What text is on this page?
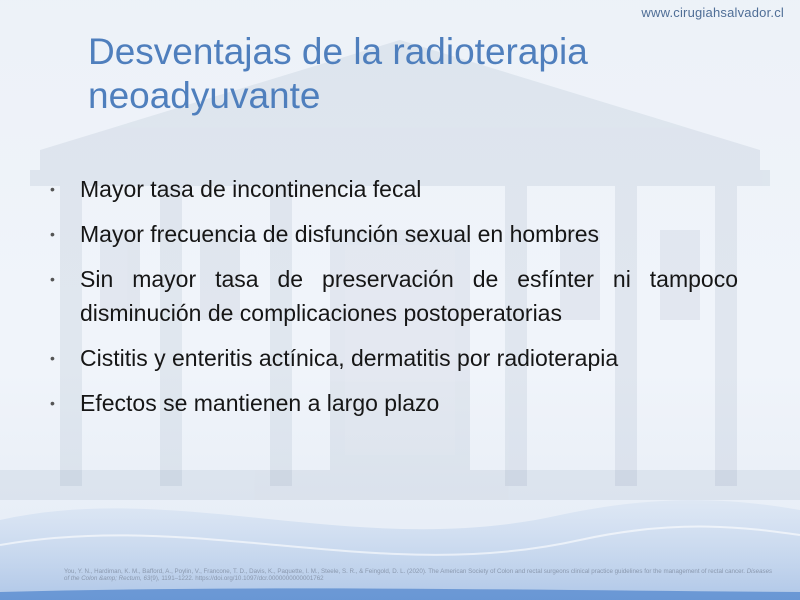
www.cirugiahsalvador.cl
Desventajas de la radioterapia neoadyuvante
•	Mayor tasa de incontinencia fecal
•	Mayor frecuencia de disfunción sexual en hombres
•	Sin mayor tasa de preservación de esfínter ni tampoco disminución de complicaciones postoperatorias
•	Cistitis y enteritis actínica, dermatitis por radioterapia
•	Efectos se mantienen a largo plazo
You, Y. N., Hardiman, K. M., Bafford, A., Poylin, V., Francone, T. D., Davis, K., Paquette, I. M., Steele, S. R., & Feingold, D. L. (2020). The American Society of Colon and rectal surgeons clinical practice guidelines for the management of rectal cancer. Diseases of the Colon &amp; Rectum, 63(9), 1191–1222. https://doi.org/10.1097/dcr.0000000000001762
